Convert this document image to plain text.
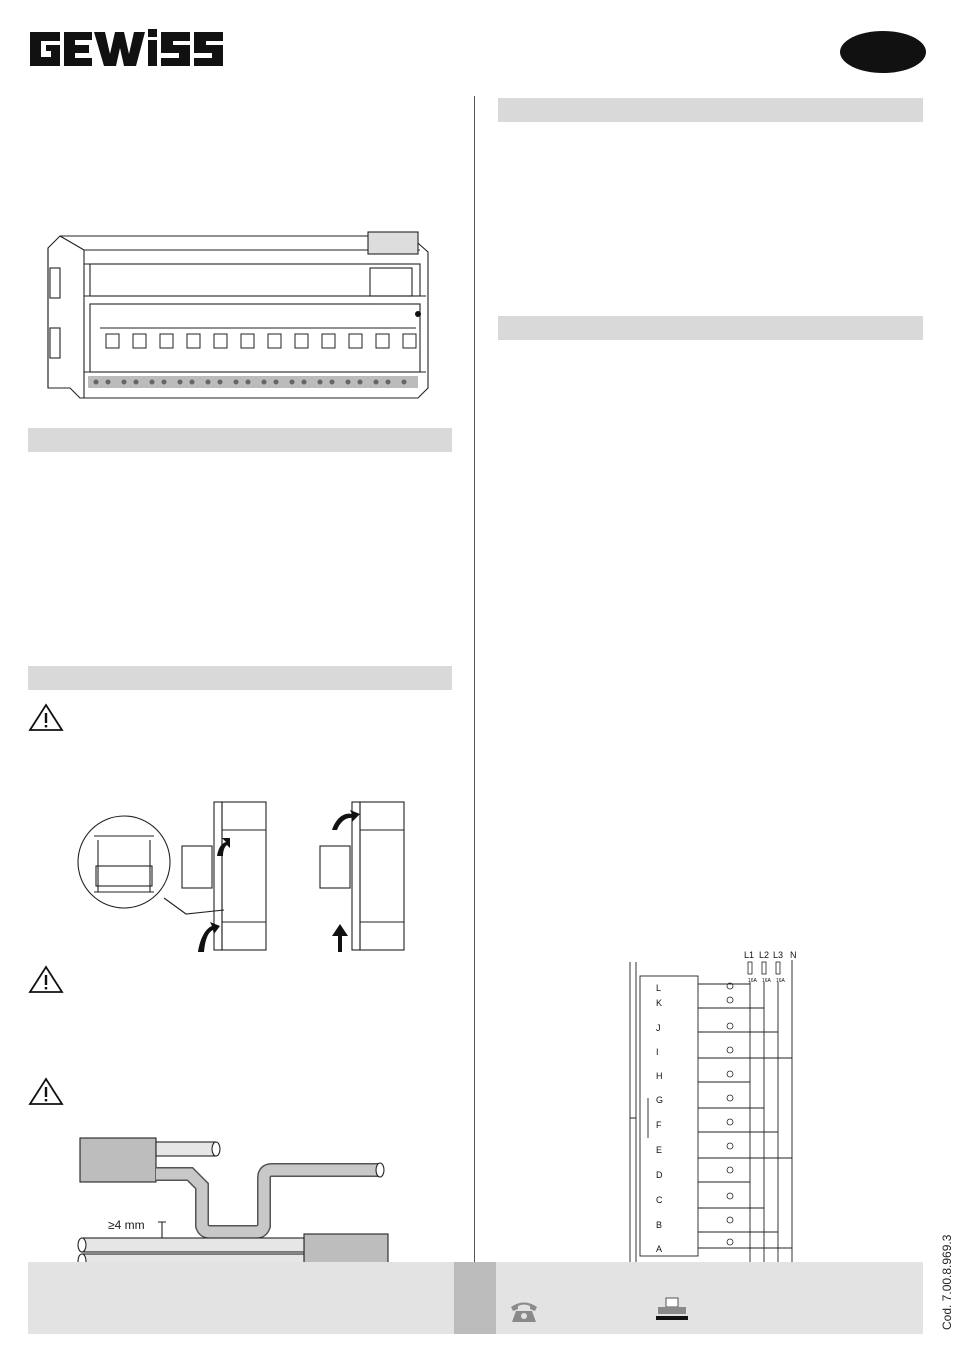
≥4 mm
L1 L2 L3 N
16A 16A 16A
L
K
J
I
H
G
F
E
D
C
B
A	Cod. 7.00.8.969.3
